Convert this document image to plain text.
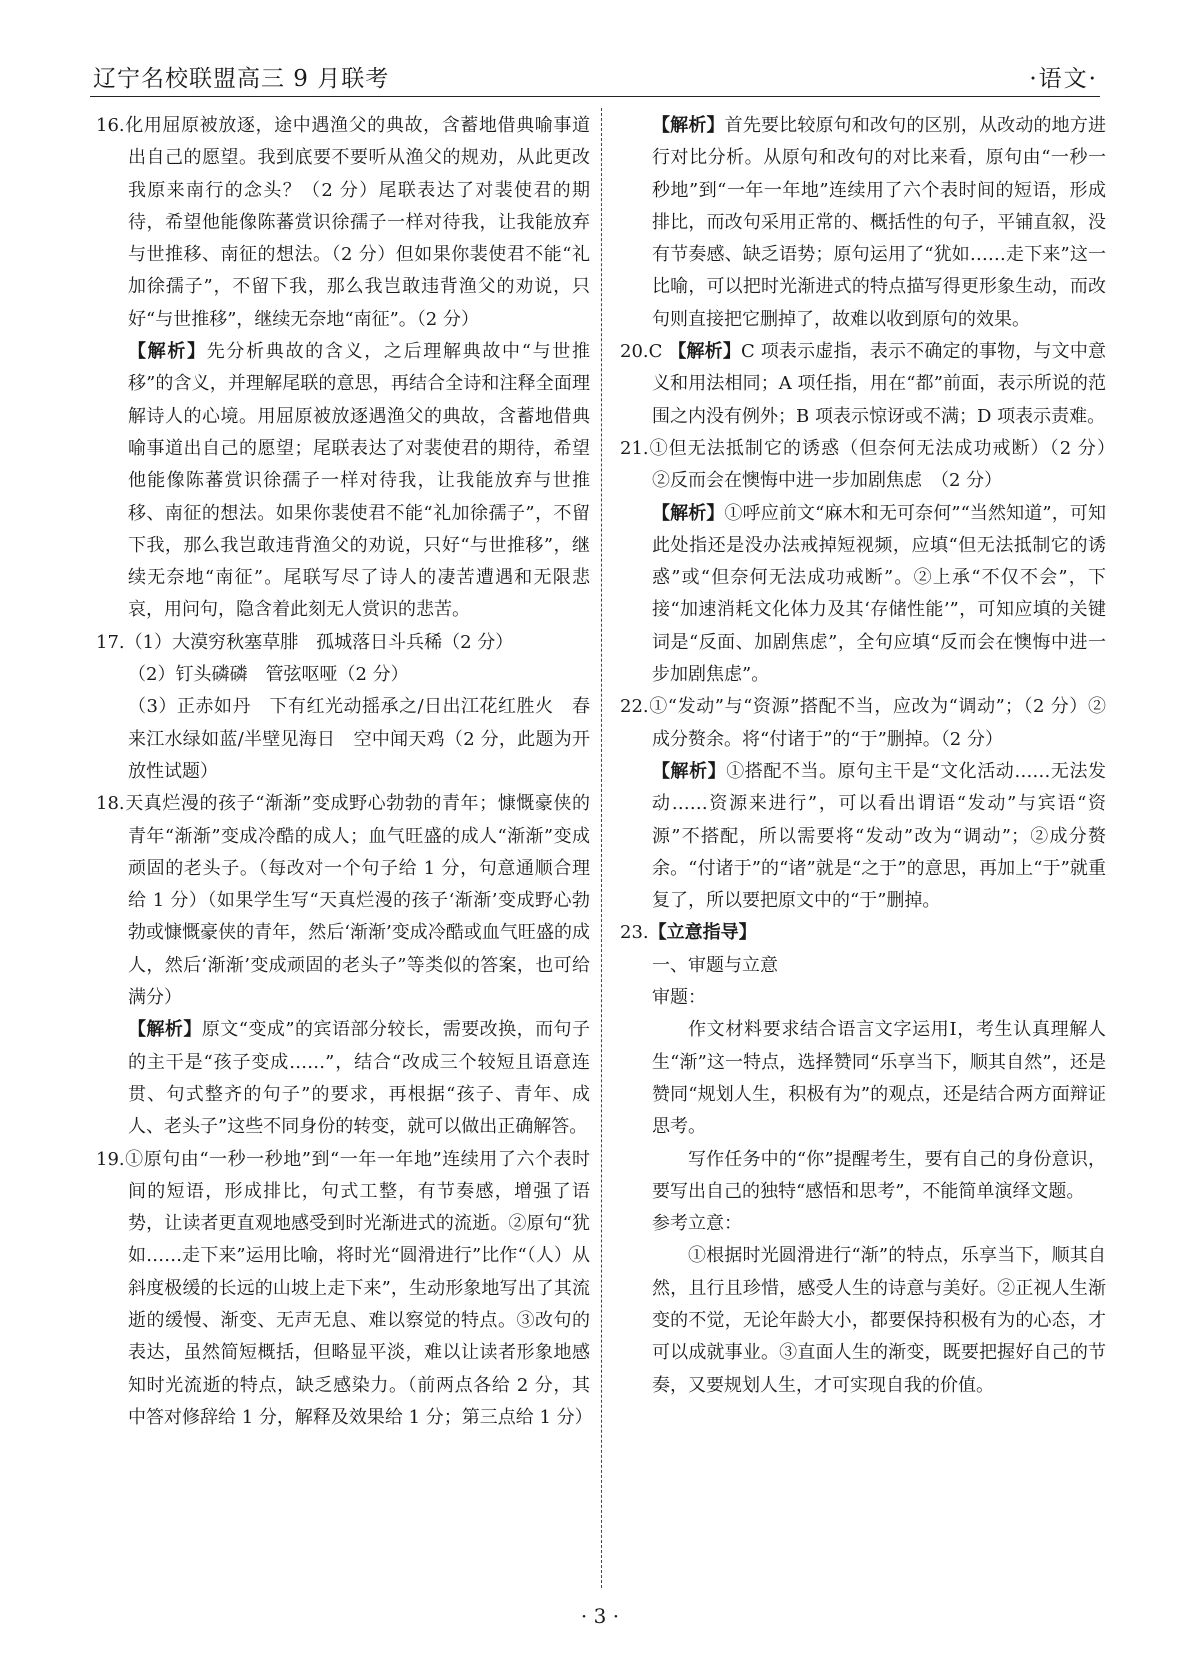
辽宁名校联盟高三 9 月联考	·语文·

16.化用屈原被放逐，途中遇渔父的典故，含蓄地借典喻事道出自己的愿望。我到底要不要听从渔父的规劝，从此更改我原来南行的念头？（2 分）尾联表达了对裴使君的期待，希望他能像陈蕃赏识徐孺子一样对待我，让我能放弃与世推移、南征的想法。（2 分）但如果你裴使君不能“礼加徐孺子”，不留下我，那么我岂敢违背渔父的劝说，只好“与世推移”，继续无奈地“南征”。（2 分）

【解析】先分析典故的含义，之后理解典故中“与世推移”的含义，并理解尾联的意思，再结合全诗和注释全面理解诗人的心境。用屈原被放逐遇渔父的典故，含蓄地借典喻事道出自己的愿望；尾联表达了对裴使君的期待，希望他能像陈蕃赏识徐孺子一样对待我，让我能放弃与世推移、南征的想法。如果你裴使君不能“礼加徐孺子”，不留下我，那么我岂敢违背渔父的劝说，只好“与世推移”，继续无奈地“南征”。尾联写尽了诗人的凄苦遭遇和无限悲哀，用问句，隐含着此刻无人赏识的悲苦。

17.（1）大漠穷秋塞草腓　孤城落日斗兵稀（2 分）

（2）钉头磷磷　管弦呕哑（2 分）

（3）正赤如丹　下有红光动摇承之/日出江花红胜火　春来江水绿如蓝/半壁见海日　空中闻天鸡（2 分，此题为开放性试题）

18.天真烂漫的孩子“渐渐”变成野心勃勃的青年；慷慨豪侠的青年“渐渐”变成冷酷的成人；血气旺盛的成人“渐渐”变成顽固的老头子。（每改对一个句子给 1 分，句意通顺合理给 1 分）（如果学生写“天真烂漫的孩子‘渐渐’变成野心勃勃或慷慨豪侠的青年，然后‘渐渐’变成冷酷或血气旺盛的成人，然后‘渐渐’变成顽固的老头子”等类似的答案，也可给满分）

【解析】原文“变成”的宾语部分较长，需要改换，而句子的主干是“孩子变成……”，结合“改成三个较短且语意连贯、句式整齐的句子”的要求，再根据“孩子、青年、成人、老头子”这些不同身份的转变，就可以做出正确解答。

19.①原句由“一秒一秒地”到“一年一年地”连续用了六个表时间的短语，形成排比，句式工整，有节奏感，增强了语势，让读者更直观地感受到时光渐进式的流逝。②原句“犹如……走下来”运用比喻，将时光“圆滑进行”比作“（人）从斜度极缓的长远的山坡上走下来”，生动形象地写出了其流逝的缓慢、渐变、无声无息、难以察觉的特点。③改句的表达，虽然简短概括，但略显平淡，难以让读者形象地感知时光流逝的特点，缺乏感染力。（前两点各给 2 分，其中答对修辞给 1 分，解释及效果给 1 分；第三点给 1 分）

【解析】首先要比较原句和改句的区别，从改动的地方进行对比分析。从原句和改句的对比来看，原句由“一秒一秒地”到“一年一年地”连续用了六个表时间的短语，形成排比，而改句采用正常的、概括性的句子，平铺直叙，没有节奏感、缺乏语势；原句运用了“犹如……走下来”这一比喻，可以把时光渐进式的特点描写得更形象生动，而改句则直接把它删掉了，故难以收到原句的效果。

20.C 【解析】C 项表示虚指，表示不确定的事物，与文中意义和用法相同；A 项任指，用在“都”前面，表示所说的范围之内没有例外；B 项表示惊讶或不满；D 项表示责难。

21.①但无法抵制它的诱惑（但奈何无法成功戒断）（2 分）　②反而会在懊悔中进一步加剧焦虑　（2 分）

【解析】①呼应前文“麻木和无可奈何”“当然知道”，可知此处指还是没办法戒掉短视频，应填“但无法抵制它的诱惑”或“但奈何无法成功戒断”。②上承“不仅不会”，下接“加速消耗文化体力及其‘存储性能’”，可知应填的关键词是“反面、加剧焦虑”，全句应填“反而会在懊悔中进一步加剧焦虑”。

22.①“发动”与“资源”搭配不当，应改为“调动”；（2 分）②成分赘余。将“付诸于”的“于”删掉。（2 分）

【解析】①搭配不当。原句主干是“文化活动……无法发动……资源来进行”，可以看出谓语“发动”与宾语“资源”不搭配，所以需要将“发动”改为“调动”；②成分赘余。“付诸于”的“诸”就是“之于”的意思，再加上“于”就重复了，所以要把原文中的“于”删掉。

23.【立意指导】

一、审题与立意

审题：

作文材料要求结合语言文字运用Ⅰ，考生认真理解人生“渐”这一特点，选择赞同“乐享当下，顺其自然”，还是赞同“规划人生，积极有为”的观点，还是结合两方面辩证思考。

写作任务中的“你”提醒考生，要有自己的身份意识，要写出自己的独特“感悟和思考”，不能简单演绎文题。

参考立意：

①根据时光圆滑进行“渐”的特点，乐享当下，顺其自然，且行且珍惜，感受人生的诗意与美好。②正视人生渐变的不觉，无论年龄大小，都要保持积极有为的心态，才可以成就事业。③直面人生的渐变，既要把握好自己的节奏，又要规划人生，才可实现自我的价值。

· 3 ·
